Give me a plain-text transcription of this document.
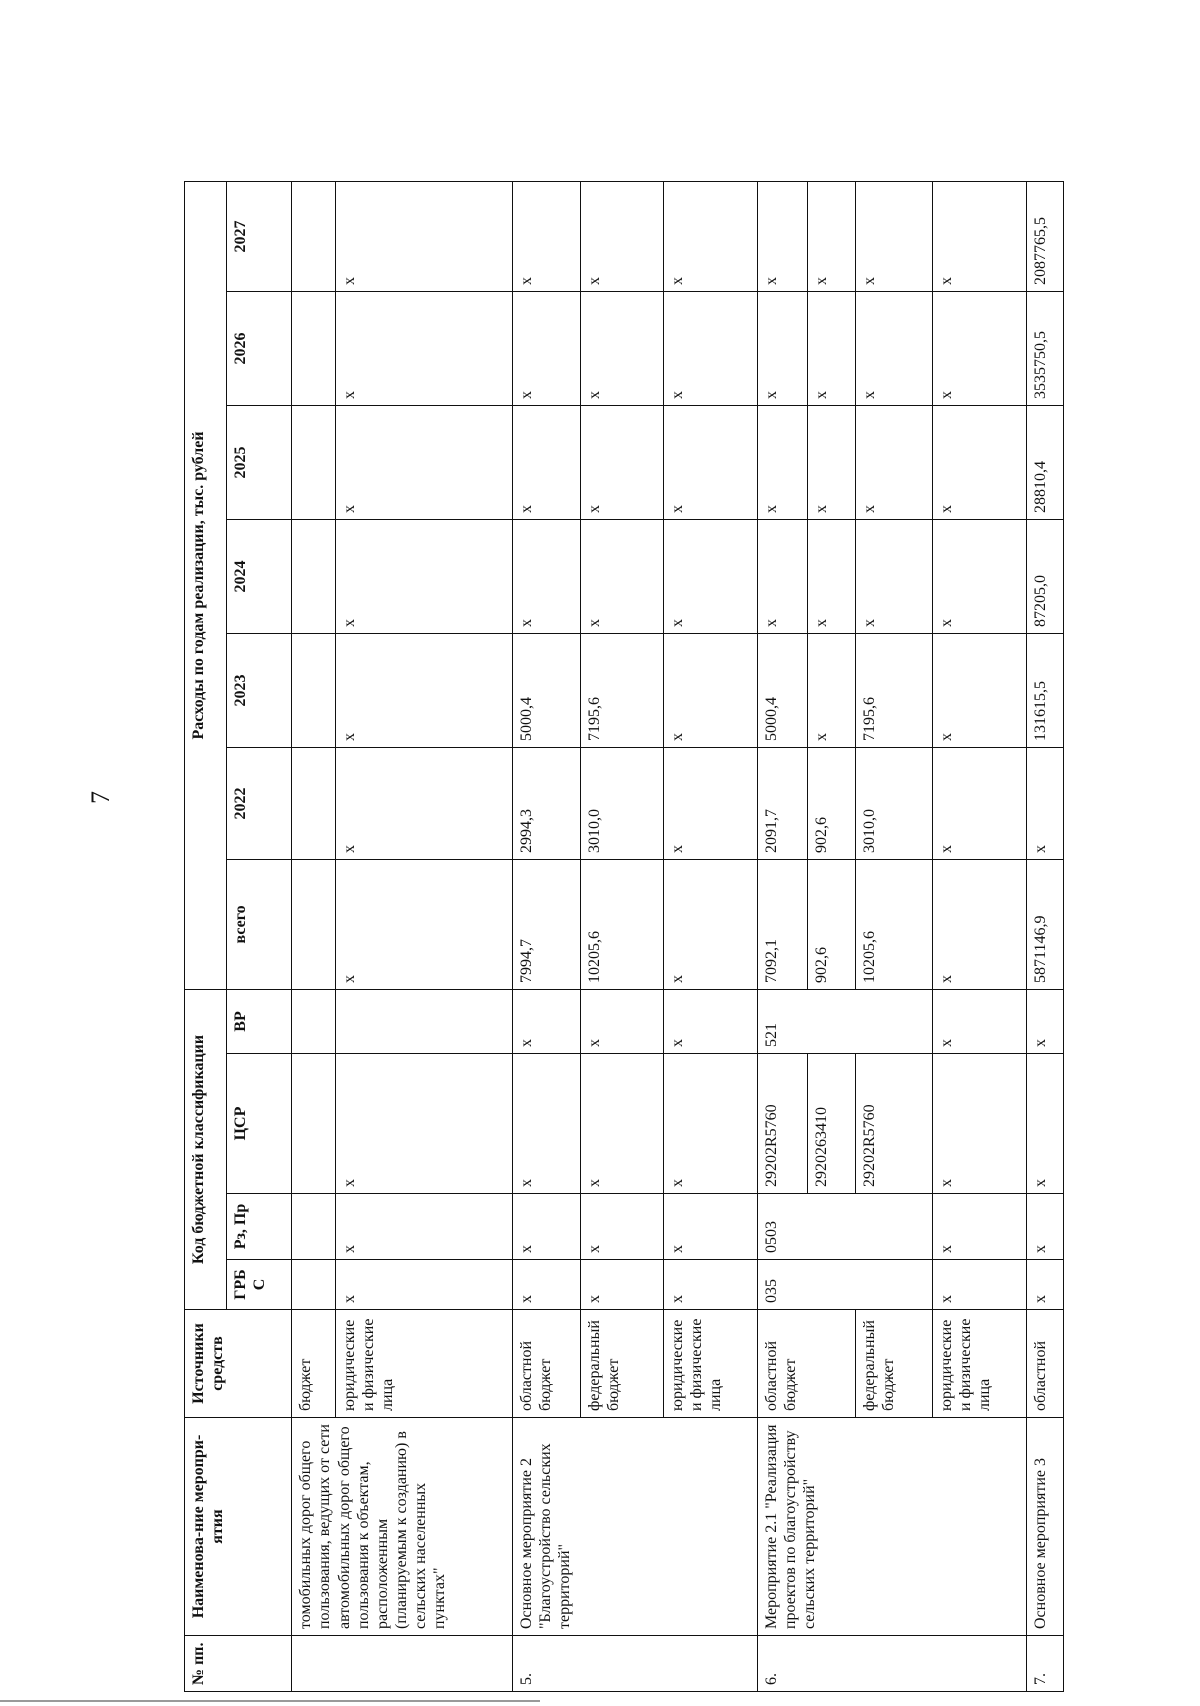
7
№ пп.	Наименова-ние меропри-ятия	Источники средств	Код бюджетной классификации				Расходы по годам реализации, тыс. рублей						
			ГРБ С	Рз, Пр	ЦСР	ВР	всего	2022	2023	2024	2025	2026	2027
	томобильных дорог общего пользования, ведущих от сети автомобильных дорог общего пользования к объектам, расположенным (планируемым к созданию) в сельских населенных пунктах"	бюджет											
		юридические и физические лица	x	x	x		x	x	x	x	x	x	x
5.	Основное мероприятие 2 "Благоустройство сельских территорий"	областной бюджет	x	x	x	x	7994,7	2994,3	5000,4	x	x	x	x
		федеральный бюджет	x	x	x	x	10205,6	3010,0	7195,6	x	x	x	x
		юридические и физические лица	x	x	x	x	x	x	x	x	x	x	x
6.	Мероприятие 2.1 "Реализация проектов по благоустройству сельских территорий"	областной бюджет	035	0503	29202R5760	521	7092,1	2091,7	5000,4	x	x	x	x
					2920263410		902,6	902,6	x	x	x	x	x
		федеральный бюджет			29202R5760		10205,6	3010,0	7195,6	x	x	x	x
		юридические и физические лица	x	x	x	x	x	x	x	x	x	x	x
7.	Основное мероприятие 3	областной	x	x	x	x	5871146,9	x	131615,5	87205,0	28810,4	3535750,5	2087765,5
